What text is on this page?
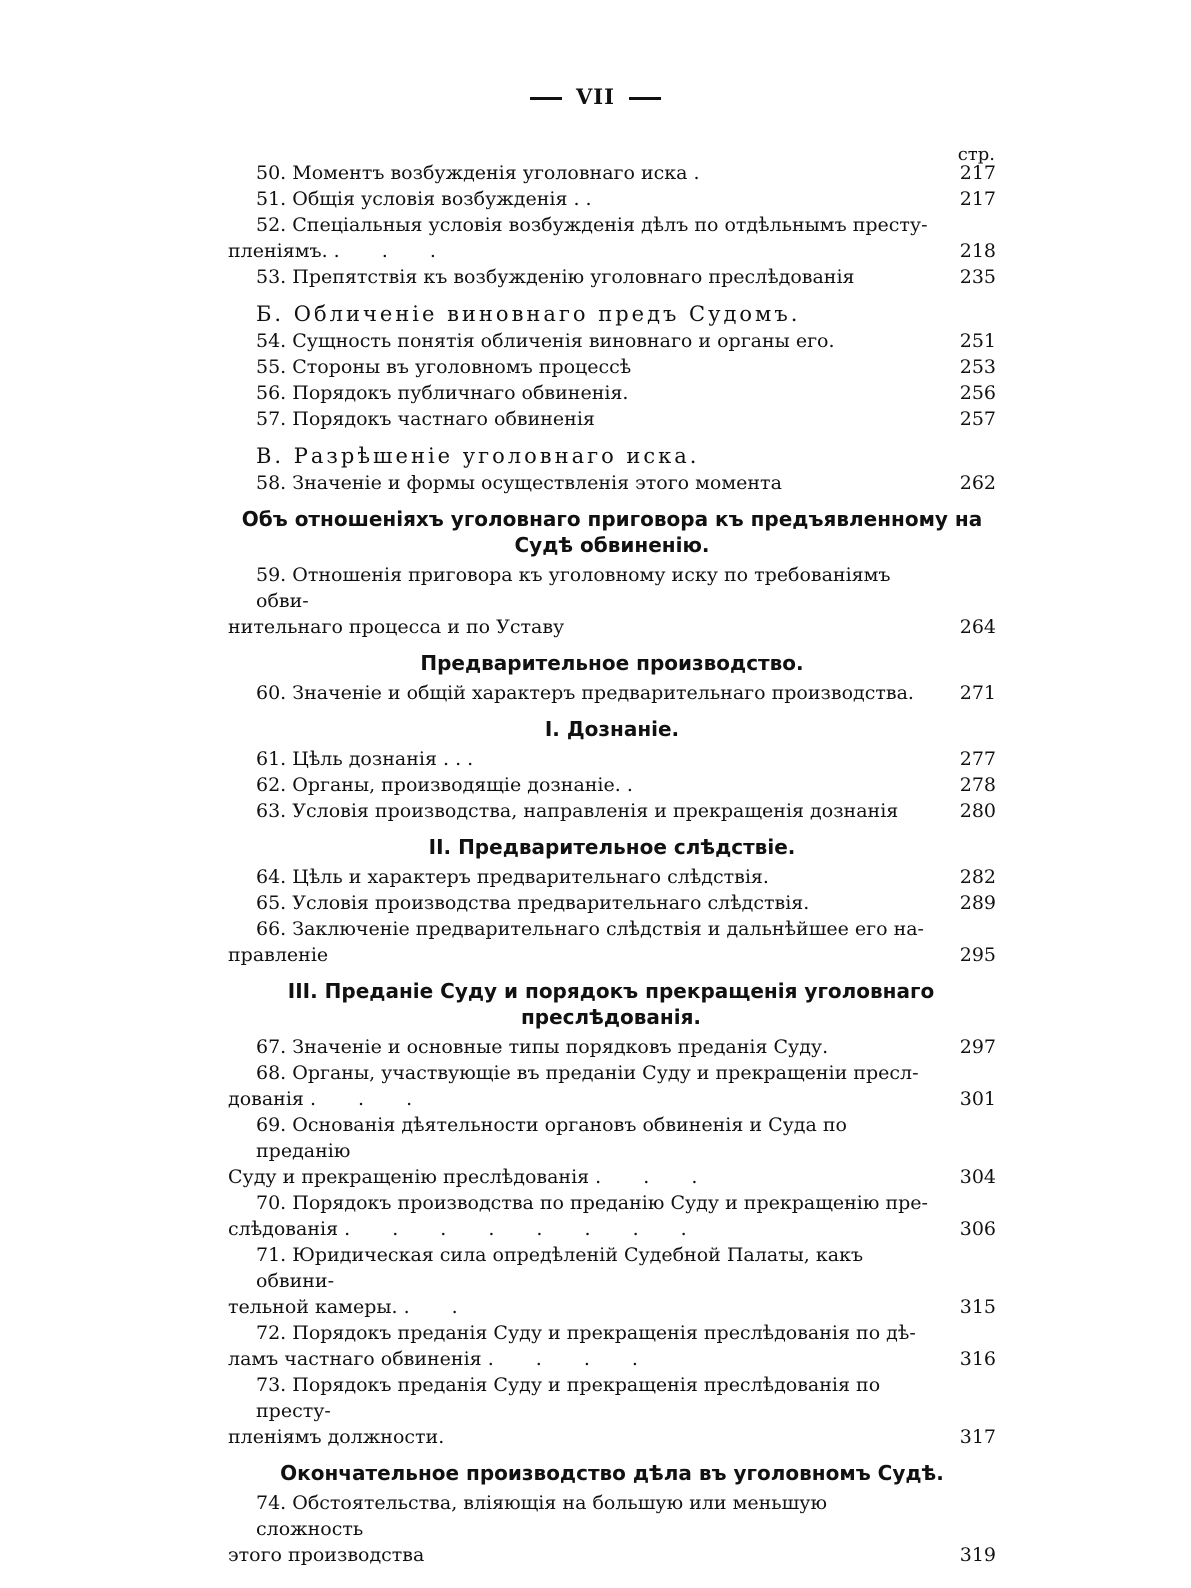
VII
стр.
50. Моментъ возбужденія уголовнаго иска .	217
51. Общія условія возбужденія . .	217
52. Спеціальныя условія возбужденія дѣлъ по отдѣльнымъ престу-
пленіямъ. . . .	218
53. Препятствія къ возбужденію уголовнаго преслѣдованія	235
Б. Обличеніе виновнаго предъ Судомъ.
54. Сущность понятія обличенія виновнаго и органы его.	251
55. Стороны въ уголовномъ процессѣ	253
56. Порядокъ публичнаго обвиненія.	256
57. Порядокъ частнаго обвиненія	257
В. Разрѣшеніе уголовнаго иска.
58. Значеніе и формы осуществленія этого момента	262
Объ отношеніяхъ уголовнаго приговора къ предъявленному на Судѣ обвиненію.
59. Отношенія приговора къ уголовному иску по требованіямъ обви-
нительнаго процесса и по Уставу	264
Предварительное производство.
60. Значеніе и общій характеръ предварительнаго производства.	271
I. Дознаніе.
61. Цѣль дознанія . . .	277
62. Органы, производящіе дознаніе. .	278
63. Условія производства, направленія и прекращенія дознанія	280
II. Предварительное слѣдствіе.
64. Цѣль и характеръ предварительнаго слѣдствія.	282
65. Условія производства предварительнаго слѣдствія.	289
66. Заключеніе предварительнаго слѣдствія и дальнѣйшее его на-
правленіе	295
III. Преданіе Суду и порядокъ прекращенія уголовнаго преслѣдованія.
67. Значеніе и основные типы порядковъ преданія Суду.	297
68. Органы, участвующіе въ преданіи Суду и прекращеніи пресл-
дованія . . .	301
69. Основанія дѣятельности органовъ обвиненія и Суда по преданію
Суду и прекращенію преслѣдованія . . .	304
70. Порядокъ производства по преданію Суду и прекращенію пре-
слѣдованія . . . . . . . .	306
71. Юридическая сила опредѣленій Судебной Палаты, какъ обвини-
тельной камеры. . .	315
72. Порядокъ преданія Суду и прекращенія преслѣдованія по дѣ-
ламъ частнаго обвиненія . . . .	316
73. Порядокъ преданія Суду и прекращенія преслѣдованія по престу-
пленіямъ должности.	317
Окончательное производство дѣла въ уголовномъ Судѣ.
74. Обстоятельства, вліяющія на большую или меньшую сложность
этого производства	319
